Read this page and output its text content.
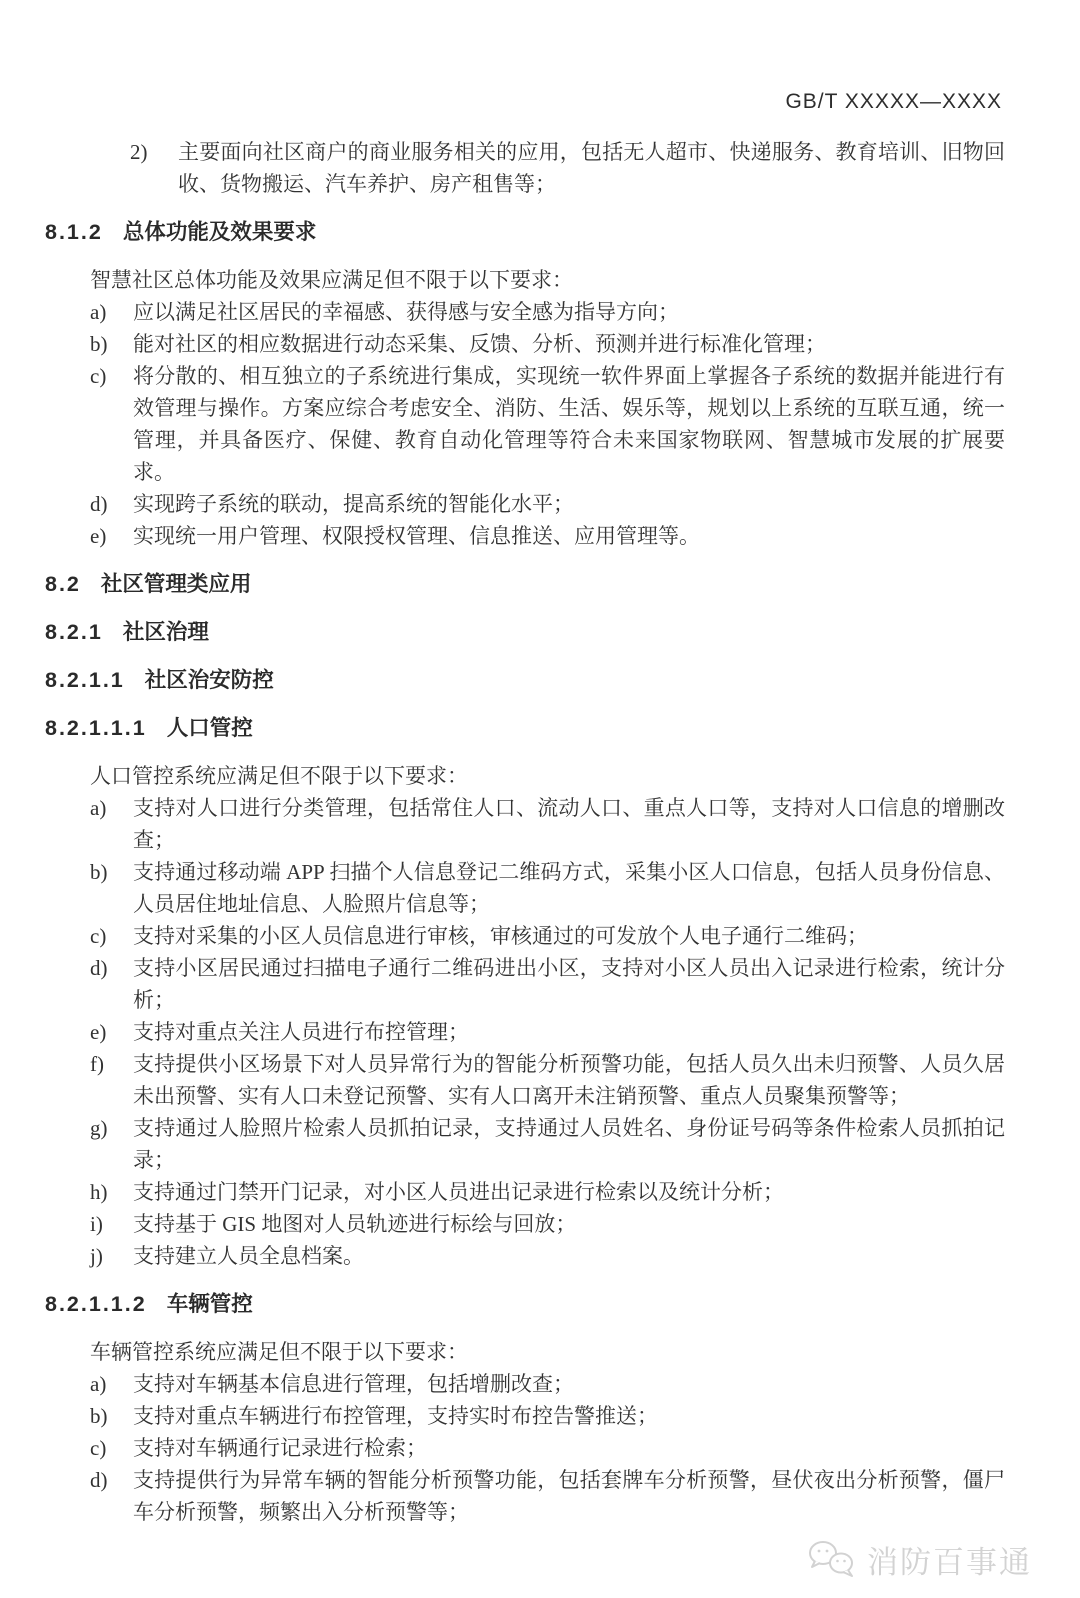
GB/T XXXXX—XXXX
2)	主要面向社区商户的商业服务相关的应用，包括无人超市、快递服务、教育培训、旧物回收、货物搬运、汽车养护、房产租售等；
8.1.2 总体功能及效果要求
智慧社区总体功能及效果应满足但不限于以下要求：
a)	应以满足社区居民的幸福感、获得感与安全感为指导方向；
b)	能对社区的相应数据进行动态采集、反馈、分析、预测并进行标准化管理；
c)	将分散的、相互独立的子系统进行集成，实现统一软件界面上掌握各子系统的数据并能进行有效管理与操作。方案应综合考虑安全、消防、生活、娱乐等，规划以上系统的互联互通，统一管理，并具备医疗、保健、教育自动化管理等符合未来国家物联网、智慧城市发展的扩展要求。
d)	实现跨子系统的联动，提高系统的智能化水平；
e)	实现统一用户管理、权限授权管理、信息推送、应用管理等。
8.2 社区管理类应用
8.2.1 社区治理
8.2.1.1 社区治安防控
8.2.1.1.1 人口管控
人口管控系统应满足但不限于以下要求：
a)	支持对人口进行分类管理，包括常住人口、流动人口、重点人口等，支持对人口信息的增删改查；
b)	支持通过移动端 APP 扫描个人信息登记二维码方式，采集小区人口信息，包括人员身份信息、人员居住地址信息、人脸照片信息等；
c)	支持对采集的小区人员信息进行审核，审核通过的可发放个人电子通行二维码；
d)	支持小区居民通过扫描电子通行二维码进出小区，支持对小区人员出入记录进行检索，统计分析；
e)	支持对重点关注人员进行布控管理；
f)	支持提供小区场景下对人员异常行为的智能分析预警功能，包括人员久出未归预警、人员久居未出预警、实有人口未登记预警、实有人口离开未注销预警、重点人员聚集预警等；
g)	支持通过人脸照片检索人员抓拍记录，支持通过人员姓名、身份证号码等条件检索人员抓拍记录；
h)	支持通过门禁开门记录，对小区人员进出记录进行检索以及统计分析；
i)	支持基于 GIS 地图对人员轨迹进行标绘与回放；
j)	支持建立人员全息档案。
8.2.1.1.2 车辆管控
车辆管控系统应满足但不限于以下要求：
a)	支持对车辆基本信息进行管理，包括增删改查；
b)	支持对重点车辆进行布控管理，支持实时布控告警推送；
c)	支持对车辆通行记录进行检索；
d)	支持提供行为异常车辆的智能分析预警功能，包括套牌车分析预警，昼伏夜出分析预警，僵尸车分析预警，频繁出入分析预警等；
消防百事通
